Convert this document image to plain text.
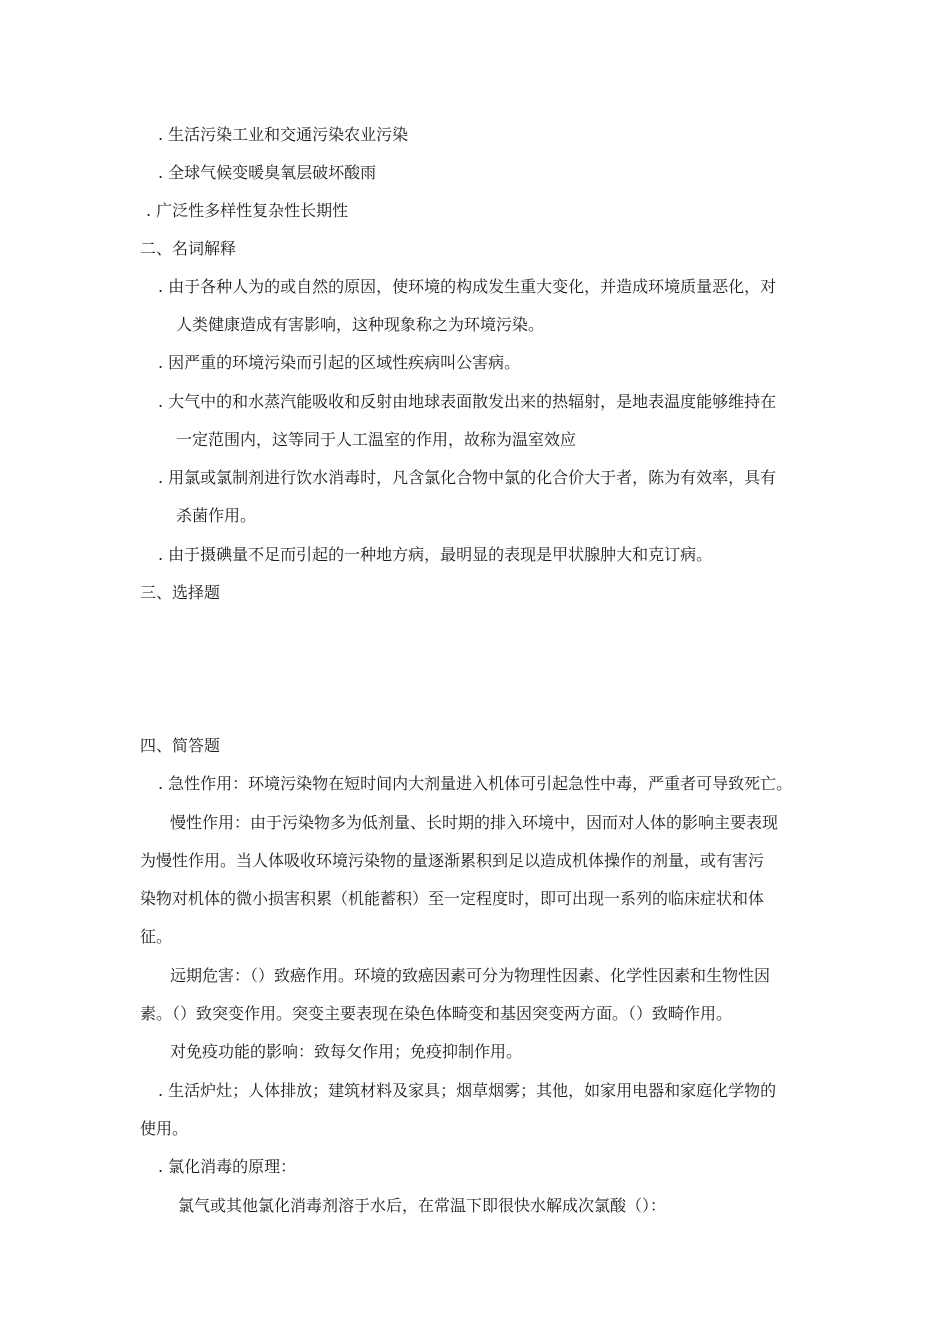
. 生活污染工业和交通污染农业污染
. 全球气候变暖臭氧层破坏酸雨
. 广泛性多样性复杂性长期性
二、名词解释
. 由于各种人为的或自然的原因，使环境的构成发生重大变化，并造成环境质量恶化，对
人类健康造成有害影响，这种现象称之为环境污染。
. 因严重的环境污染而引起的区域性疾病叫公害病。
. 大气中的和水蒸汽能吸收和反射由地球表面散发出来的热辐射，是地表温度能够维持在
一定范围内，这等同于人工温室的作用，故称为温室效应
. 用氯或氯制剂进行饮水消毒时，凡含氯化合物中氯的化合价大于者，陈为有效率，具有
杀菌作用。
. 由于摄碘量不足而引起的一种地方病，最明显的表现是甲状腺肿大和克订病。
三、选择题
四、简答题
. 急性作用：环境污染物在短时间内大剂量进入机体可引起急性中毒，严重者可导致死亡。
慢性作用：由于污染物多为低剂量、长时期的排入环境中，因而对人体的影响主要表现
为慢性作用。当人体吸收环境污染物的量逐渐累积到足以造成机体操作的剂量，或有害污
染物对机体的微小损害积累（机能蓄积）至一定程度时，即可出现一系列的临床症状和体
征。
远期危害：（）致癌作用。环境的致癌因素可分为物理性因素、化学性因素和生物性因
素。（）致突变作用。突变主要表现在染色体畸变和基因突变两方面。（）致畸作用。
对免疫功能的影响：致每攵作用；免疫抑制作用。
. 生活炉灶；人体排放；建筑材料及家具；烟草烟雾；其他，如家用电器和家庭化学物的
使用。
. 氯化消毒的原理：
氯气或其他氯化消毒剂溶于水后，在常温下即很快水解成次氯酸（）：
